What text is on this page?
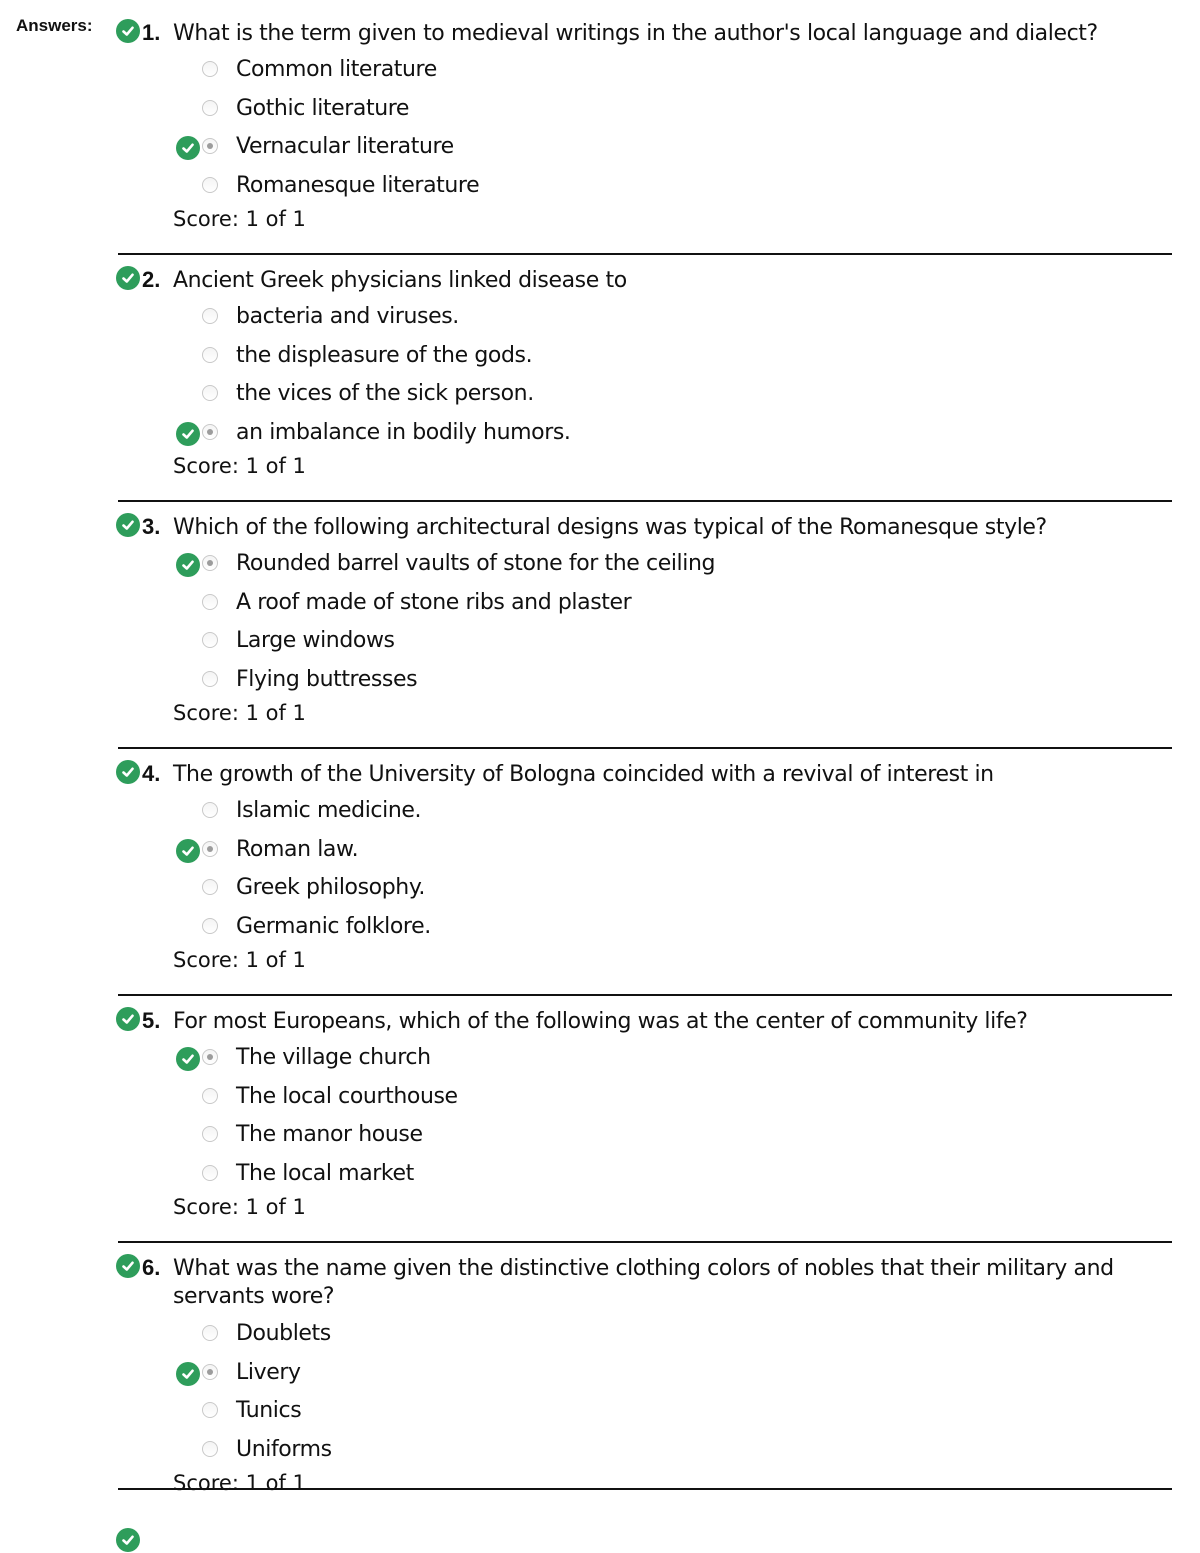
Answers: 1. What is the term given to medieval writings in the author's local language and dialect?
Common literature
Gothic literature
Vernacular literature
Romanesque literature
Score: 1 of 1
2. Ancient Greek physicians linked disease to
bacteria and viruses.
the displeasure of the gods.
the vices of the sick person.
an imbalance in bodily humors.
Score: 1 of 1
3. Which of the following architectural designs was typical of the Romanesque style?
Rounded barrel vaults of stone for the ceiling
A roof made of stone ribs and plaster
Large windows
Flying buttresses
Score: 1 of 1
4. The growth of the University of Bologna coincided with a revival of interest in
Islamic medicine.
Roman law.
Greek philosophy.
Germanic folklore.
Score: 1 of 1
5. For most Europeans, which of the following was at the center of community life?
The village church
The local courthouse
The manor house
The local market
Score: 1 of 1
6. What was the name given the distinctive clothing colors of nobles that their military and servants wore?
Doublets
Livery
Tunics
Uniforms
Score: 1 of 1
